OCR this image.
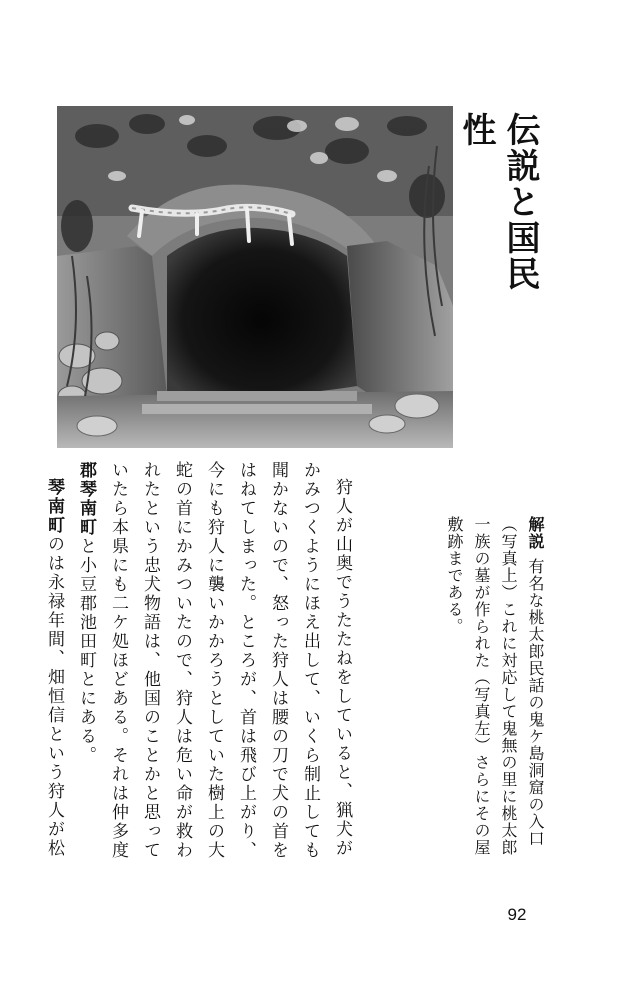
伝説と国民性
解説有名な桃太郎民話の鬼ケ島洞窟の入口（写真上）これに対応して鬼無の里に桃太郎一族の墓が作られた（写真左）さらにその屋敷跡まである。
狩人が山奥でうたたねをしていると、猟犬が
かみつくようにほえ出して、いくら制止しても
聞かないので、怒った狩人は腰の刀で犬の首を
はねてしまった。ところが、首は飛び上がり、
今にも狩人に襲いかかろうとしていた樹上の大
蛇の首にかみついたので、狩人は危い命が救わ
れたという忠犬物語は、他国のことかと思って
いたら本県にも二ケ処ほどある。それは仲多度
郡琴南町と小豆郡池田町とにある。
琴南町のは永禄年間、畑恒信という狩人が松
92
